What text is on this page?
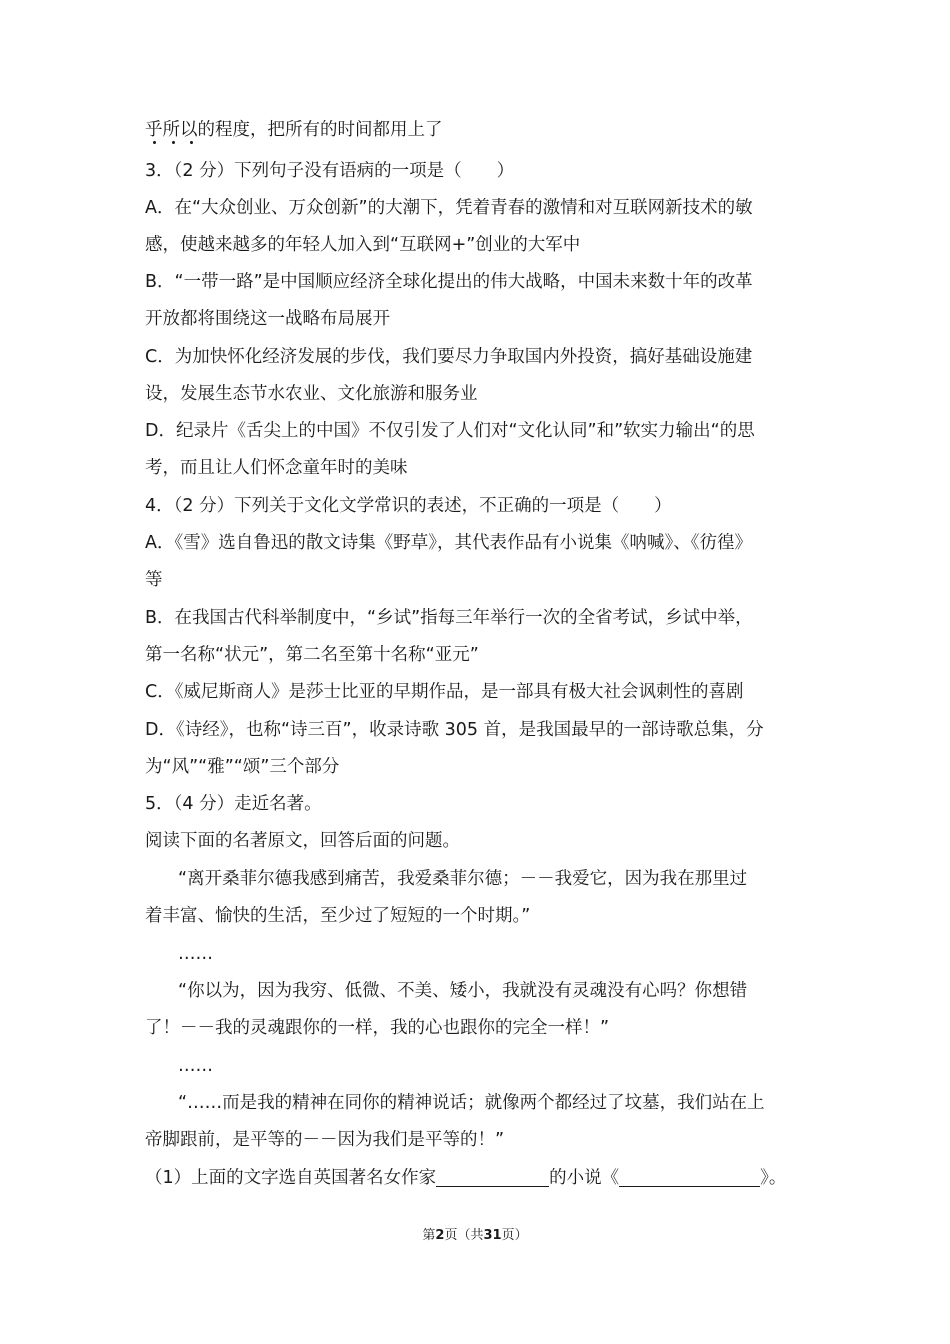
乎所以的程度，把所有的时间都用上了
3．（2 分）下列句子没有语病的一项是（　　）
A．在“大众创业、万众创新”的大潮下，凭着青春的激情和对互联网新技术的敏
感，使越来越多的年轻人加入到“互联网+”创业的大军中
B．“一带一路”是中国顺应经济全球化提出的伟大战略，中国未来数十年的改革
开放都将围绕这一战略布局展开
C．为加快怀化经济发展的步伐，我们要尽力争取国内外投资，搞好基础设施建
设，发展生态节水农业、文化旅游和服务业
D．纪录片《舌尖上的中国》不仅引发了人们对“文化认同”和”软实力输出“的思
考，而且让人们怀念童年时的美味
4．（2 分）下列关于文化文学常识的表述，不正确的一项是（　　）
A．《雪》选自鲁迅的散文诗集《野草》，其代表作品有小说集《呐喊》、《彷徨》
等
B．在我国古代科举制度中，“乡试”指每三年举行一次的全省考试，乡试中举，
第一名称“状元”，第二名至第十名称“亚元”
C．《威尼斯商人》是莎士比亚的早期作品，是一部具有极大社会讽刺性的喜剧
D．《诗经》，也称“诗三百”，收录诗歌 305 首，是我国最早的一部诗歌总集，分
为“风”“雅”“颂”三个部分
5．（4 分）走近名著。
阅读下面的名著原文，回答后面的问题。
“离开桑菲尔德我感到痛苦，我爱桑菲尔德；－－我爱它，因为我在那里过
着丰富、愉快的生活，至少过了短短的一个时期。”
……
“你以为，因为我穷、低微、不美、矮小，我就没有灵魂没有心吗？你想错
了！－－我的灵魂跟你的一样，我的心也跟你的完全一样！”
……
“……而是我的精神在同你的精神说话；就像两个都经过了坟墓，我们站在上
帝脚跟前，是平等的－－因为我们是平等的！”
（1）上面的文字选自英国著名女作家	的小说《	》。
第2页（共31页）
